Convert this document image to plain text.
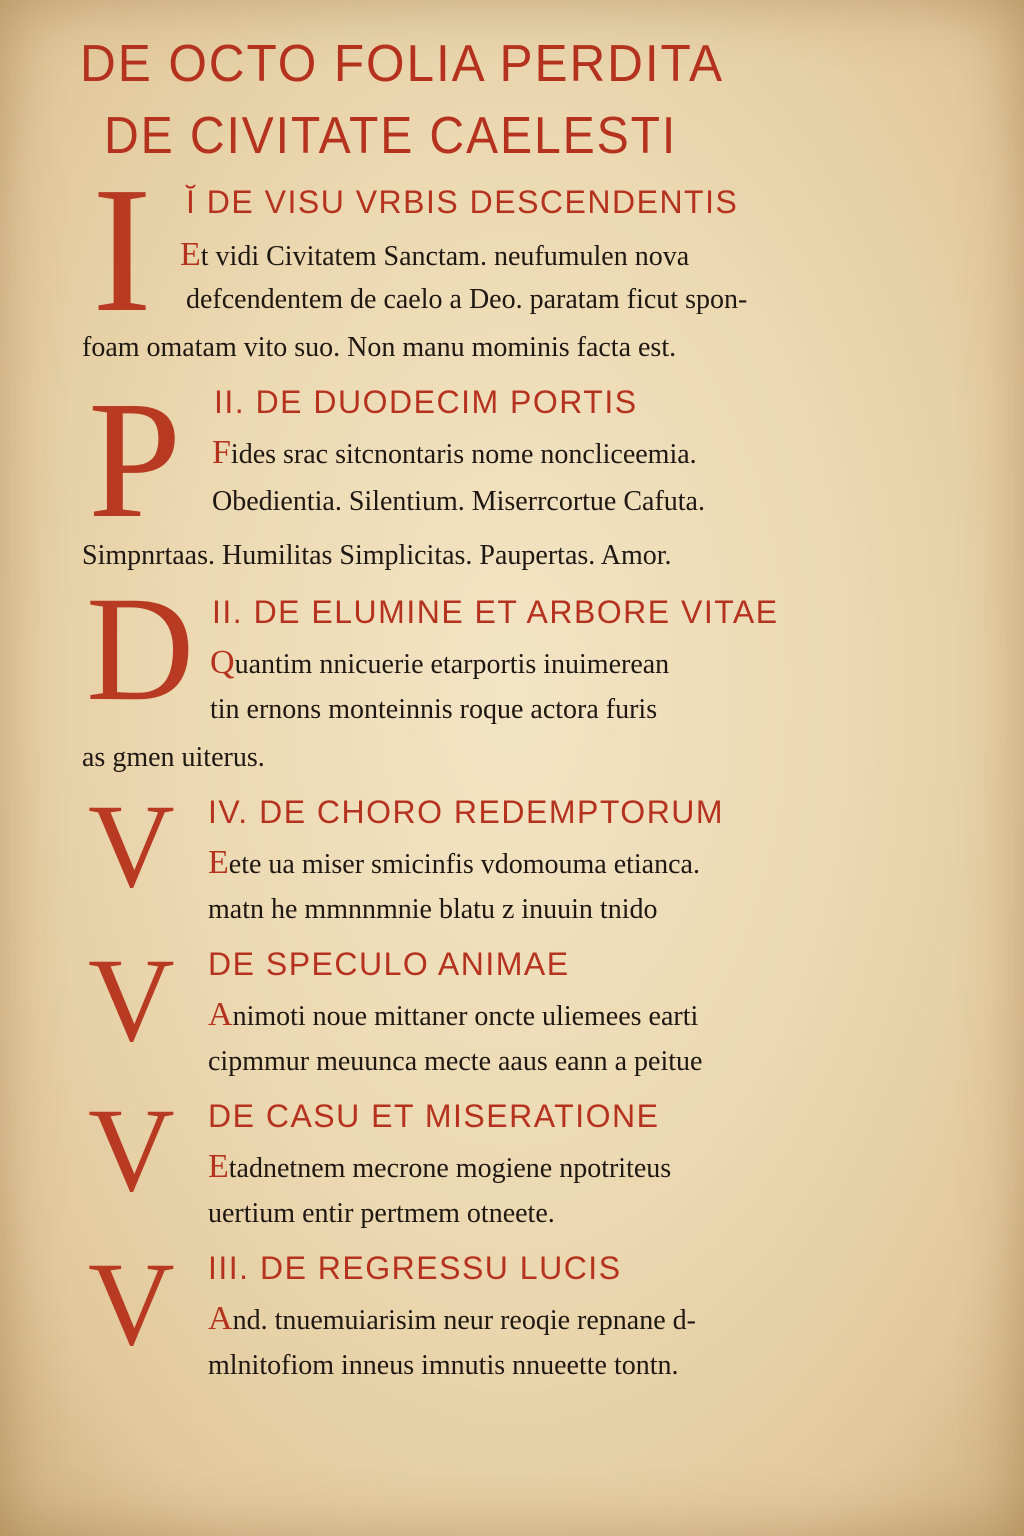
DE OCTO FOLIA PERDITA
DE CIVITATE CAELESTI
I Ĭ DE VISU VRBIS DESCENDENTIS
Et vidi Civitatem Sanctam. neufumulen nova
defcendentem de caelo a Deo. paratam ficut spon-
foam omatam vito suo. Non manu mominis facta est.
P II. DE DUODECIM PORTIS
Fides srac sitcnontaris nome noncliceemia.
Obedientia. Silentium. Miserrcortue Cafuta.
Simpnrtaas. Humilitas Simplicitas. Paupertas. Amor.
D II. DE ELUMINE ET ARBORE VITAE
Quantim nnicuerie etarportis inuimerean
tin ernons monteinnis roque actora furis
as gmen uiterus.
V IV. DE CHORO REDEMPTORUM
Eete ua miser smicinfis vdomouma etianca.
matn he mmnnmnie blatu z inuuin tnido
V DE SPECULO ANIMAE
Animoti noue mittaner oncte uliemees earti
cipmmur meuunca mecte aaus eann a peitue
V DE CASU ET MISERATIONE
Etadnetnem mecrone mogiene npotriteus
uertium entir pertmem otneete.
V III. DE REGRESSU LUCIS
And. tnuemuiarisim neur reoqie repnane d-
mlnitofiom inneus imnutis nnueette tontn.
